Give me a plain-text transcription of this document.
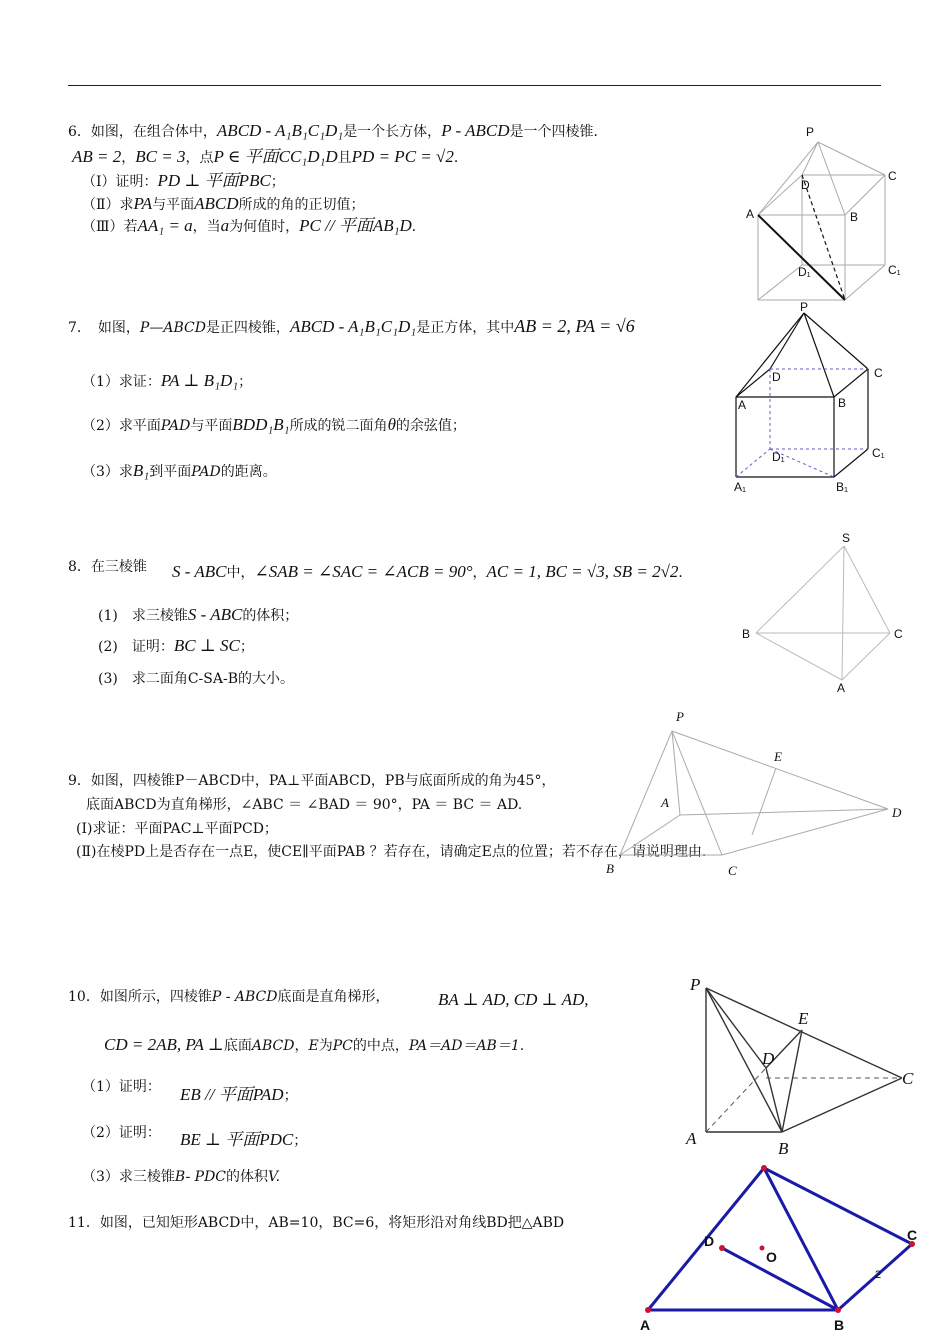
6．如图，在组合体中，ABCD - A₁B₁C₁D₁是一个长方体，P - ABCD是一个四棱锥．
AB = 2，BC = 3，点P ∈ 平面CC₁D₁D且PD = PC = √2．
（Ⅰ）证明：PD ⊥ 平面PBC；
（Ⅱ）求PA与平面ABCD所成的角的正切值；
（Ⅲ）若AA₁ = a，当a为何值时，PC // 平面AB₁D．
P
C
D
A	B
D₁	C₁
7．　如图，P—ABCD是正四棱锥，ABCD - A₁B₁C₁D₁是正方体，其中AB = 2, PA = √6
（1）求证：PA ⊥ B₁D₁；
（2）求平面PAD与平面BDD₁B₁所成的锐二面角θ的余弦值；
（3）求B₁到平面PAD的距离。
P
D	C
A	B
D₁	C₁
A₁	B₁
8．在三棱锥 S - ABC中，∠SAB = ∠SAC = ∠ACB = 90°，AC = 1, BC = √3, SB = 2√2．
(1)　求三棱锥S - ABC的体积；
(2)　证明：BC ⊥ SC；
(3)　求二面角C-SA-B的大小。
S
B	C
A
9．如图，四棱锥P－ABCD中，PA⊥平面ABCD，PB与底面所成的角为45°，
底面ABCD为直角梯形，∠ABC ＝ ∠BAD ＝ 90°，PA ＝ BC ＝ AD.
(Ⅰ)求证：平面PAC⊥平面PCD；
(Ⅱ)在棱PD上是否存在一点E，使CE∥平面PAB ？若存在，请确定E点的位置；若不存在，请说明理由.
P
E
A
D
B	C
10．如图所示，四棱锥P - ABCD底面是直角梯形，	BA ⊥ AD, CD ⊥ AD,
CD = 2AB, PA ⊥底面ABCD，E为PC的中点，PA＝AD＝AB＝1.
（1）证明： EB // 平面PAD；
（2）证明： BE ⊥ 平面PDC；
（3）求三棱锥B- PDC的体积V.
P
E
D
C
A
B
11．如图，已知矩形ABCD中，AB=10，BC=6，将矩形沿对角线BD把△ABD
D	C
O
A	B
2
